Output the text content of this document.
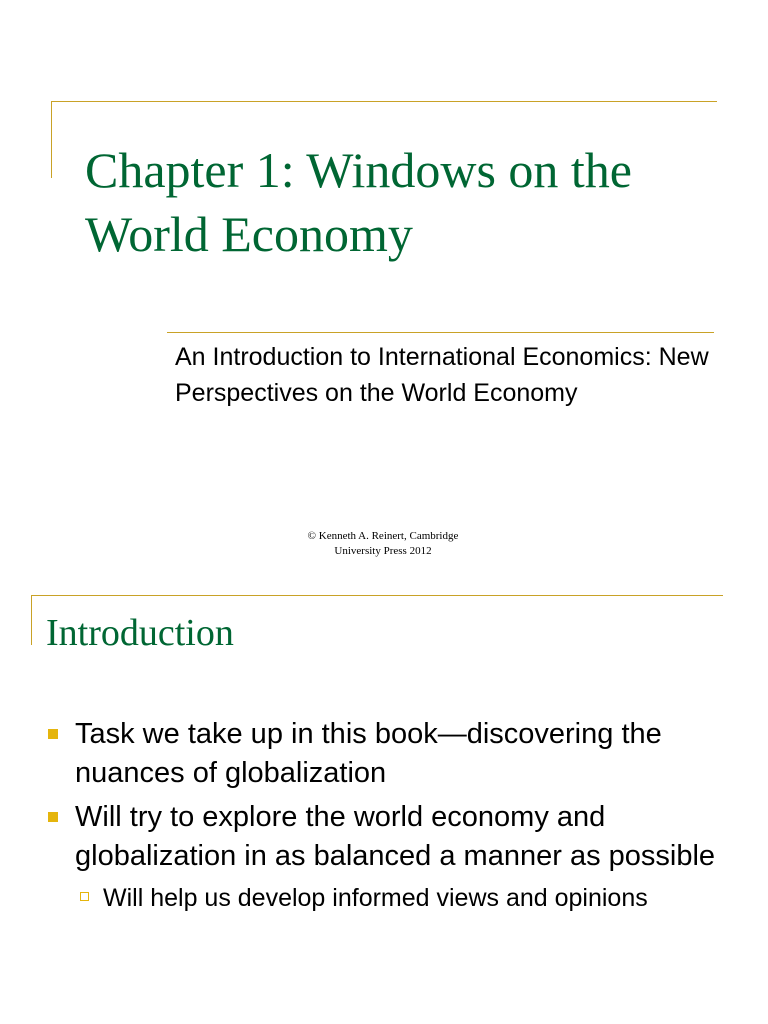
Chapter 1: Windows on the World Economy
An Introduction to International Economics: New Perspectives on the World Economy
© Kenneth A. Reinert, Cambridge
University Press 2012
Introduction
Task we take up in this book—discovering the nuances of globalization
Will try to explore the world economy and globalization in as balanced a manner as possible
Will help us develop informed views and opinions
